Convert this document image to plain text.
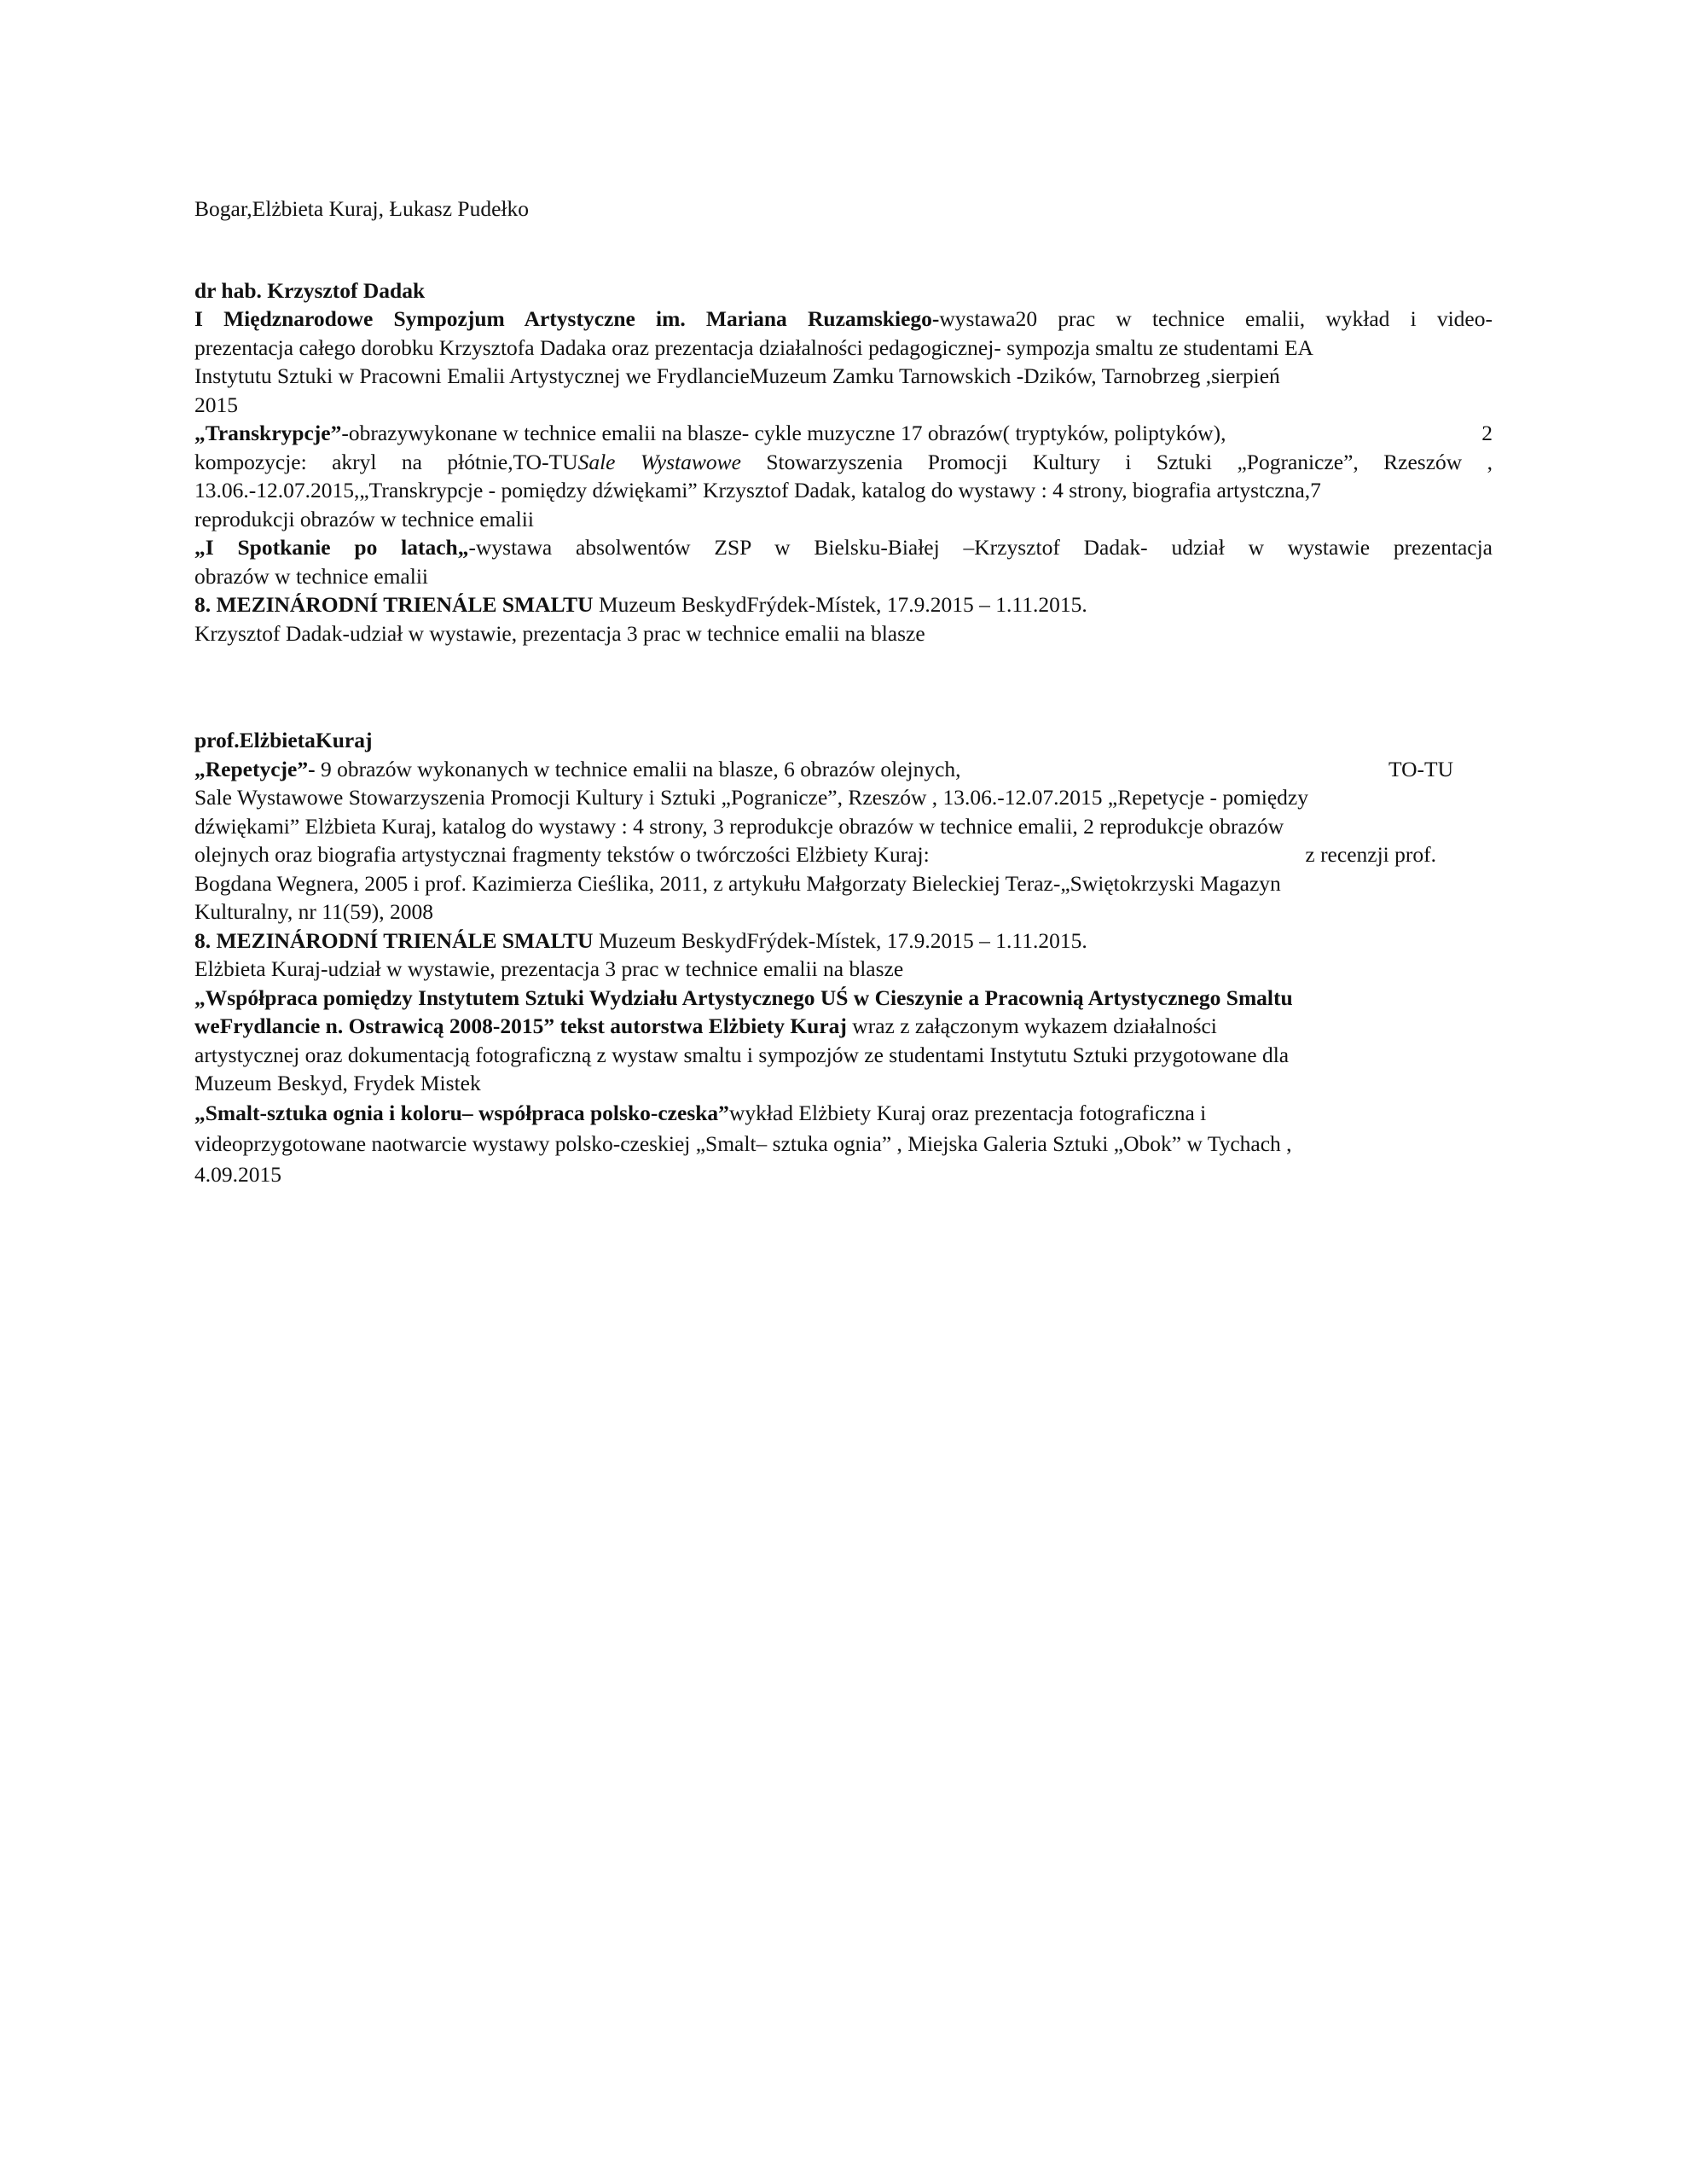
Bogar,Elżbieta Kuraj, Łukasz Pudełko

dr hab. Krzysztof Dadak

I Międznarodowe Sympozjum Artystyczne im. Mariana Ruzamskiego-wystawa20 prac w technice emalii, wykład i video-
prezentacja całego dorobku Krzysztofa Dadaka oraz prezentacja działalności pedagogicznej- sympozja smaltu ze studentami EA
Instytutu Sztuki w Pracowni Emalii Artystycznej we FrydlancieMuzeum Zamku Tarnowskich -Dzików, Tarnobrzeg ,sierpień
2015

„Transkrypcje”-obrazywykonane w technice emalii na blasze- cykle muzyczne 17 obrazów( tryptyków, poliptyków),	2
kompozycje: akryl na płótnie,TO-TUSale Wystawowe Stowarzyszenia Promocji Kultury i Sztuki „Pogranicze”, Rzeszów ,
13.06.-12.07.2015,„Transkrypcje - pomiędzy dźwiękami” Krzysztof Dadak, katalog do wystawy : 4 strony, biografia artystczna,7
reprodukcji obrazów w technice emalii

„I Spotkanie po latach„-wystawa absolwentów ZSP w Bielsku-Białej –Krzysztof Dadak- udział w wystawie prezentacja
obrazów w technice emalii

8. MEZINÁRODNÍ TRIENÁLE SMALTU Muzeum BeskydFrýdek-Místek, 17.9.2015 – 1.11.2015.
Krzysztof Dadak-udział w wystawie, prezentacja 3 prac w technice emalii na blasze

prof.ElżbietaKuraj

„Repetycje”- 9 obrazów wykonanych w technice emalii na blasze, 6 obrazów olejnych,	TO-TU
Sale Wystawowe Stowarzyszenia Promocji Kultury i Sztuki „Pogranicze”, Rzeszów , 13.06.-12.07.2015 „Repetycje - pomiędzy
dźwiękami” Elżbieta Kuraj, katalog do wystawy : 4 strony, 3 reprodukcje obrazów w technice emalii, 2 reprodukcje obrazów
olejnych oraz biografia artystycznai fragmenty tekstów o twórczości Elżbiety Kuraj:	z recenzji prof.
Bogdana Wegnera, 2005 i prof. Kazimierza Cieślika, 2011, z artykułu Małgorzaty Bieleckiej Teraz-„Swiętokrzyski Magazyn
Kulturalny, nr 11(59), 2008

8. MEZINÁRODNÍ TRIENÁLE SMALTU Muzeum BeskydFrýdek-Místek, 17.9.2015 – 1.11.2015.
Elżbieta Kuraj-udział w wystawie, prezentacja 3 prac w technice emalii na blasze

„Współpraca pomiędzy Instytutem Sztuki Wydziału Artystycznego UŚ w Cieszynie a Pracownią Artystycznego Smaltu
weFrydlancie n. Ostrawicą 2008-2015” tekst autorstwa Elżbiety Kuraj wraz z załączonym wykazem działalności
artystycznej oraz dokumentacją fotograficzną z wystaw smaltu i sympozjów ze studentami Instytutu Sztuki przygotowane dla
Muzeum Beskyd, Frydek Mistek

„Smalt-sztuka ognia i koloru– współpraca polsko-czeska”wykład Elżbiety Kuraj oraz prezentacja fotograficzna i
videoprzygotowane naotwarcie wystawy polsko-czeskiej „Smalt– sztuka ognia” , Miejska Galeria Sztuki „Obok” w Tychach ,
4.09.2015
